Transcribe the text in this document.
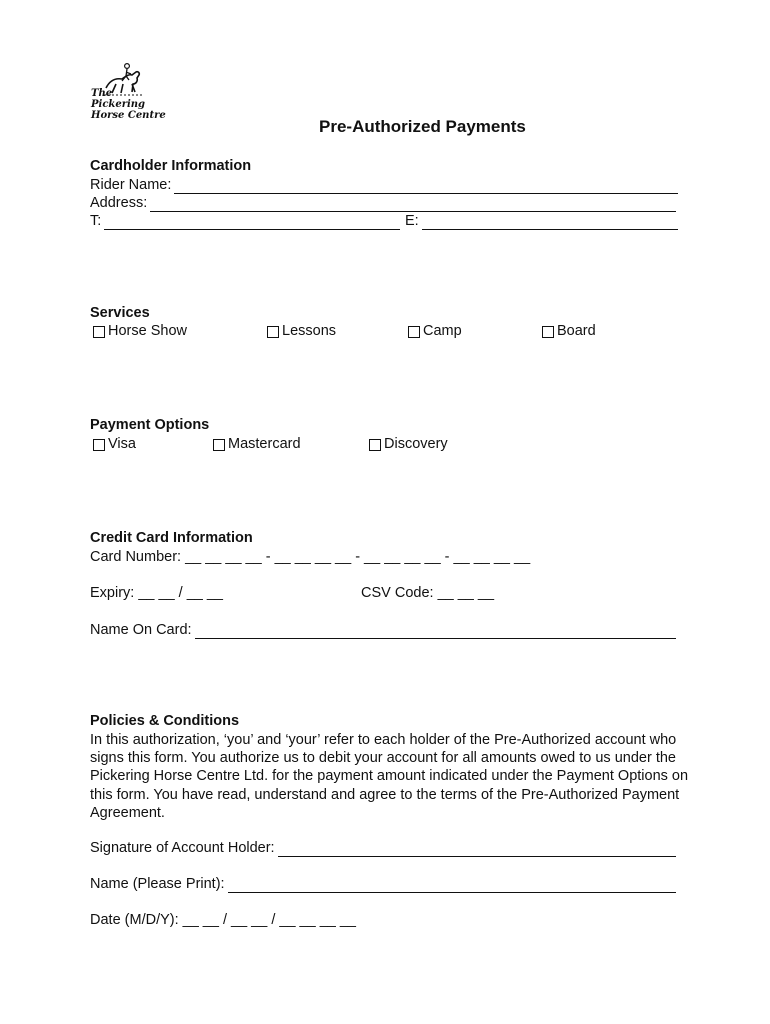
The
Pickering
Horse Centre
Pre-Authorized Payments
Cardholder Information
Rider Name:
Address:
T:	E:
Services
Horse Show	Lessons	Camp	Board
Payment Options
Visa	Mastercard	Discovery
Credit Card Information
Card Number: __ __ __ __ - __ __ __ __ - __ __ __ __ - __ __ __ __
Expiry: __ __ / __ __	CSV Code: __ __ __
Name On Card:
Policies & Conditions
In this authorization, ‘you’ and ‘your’ refer to each holder of the Pre-Authorized account who signs this form. You authorize us to debit your account for all amounts owed to us under the Pickering Horse Centre Ltd. for the payment amount indicated under the Payment Options on this form. You have read, understand and agree to the terms of the Pre-Authorized Payment Agreement.
Signature of Account Holder:
Name (Please Print):
Date (M/D/Y): __ __ / __ __ / __ __ __ __
